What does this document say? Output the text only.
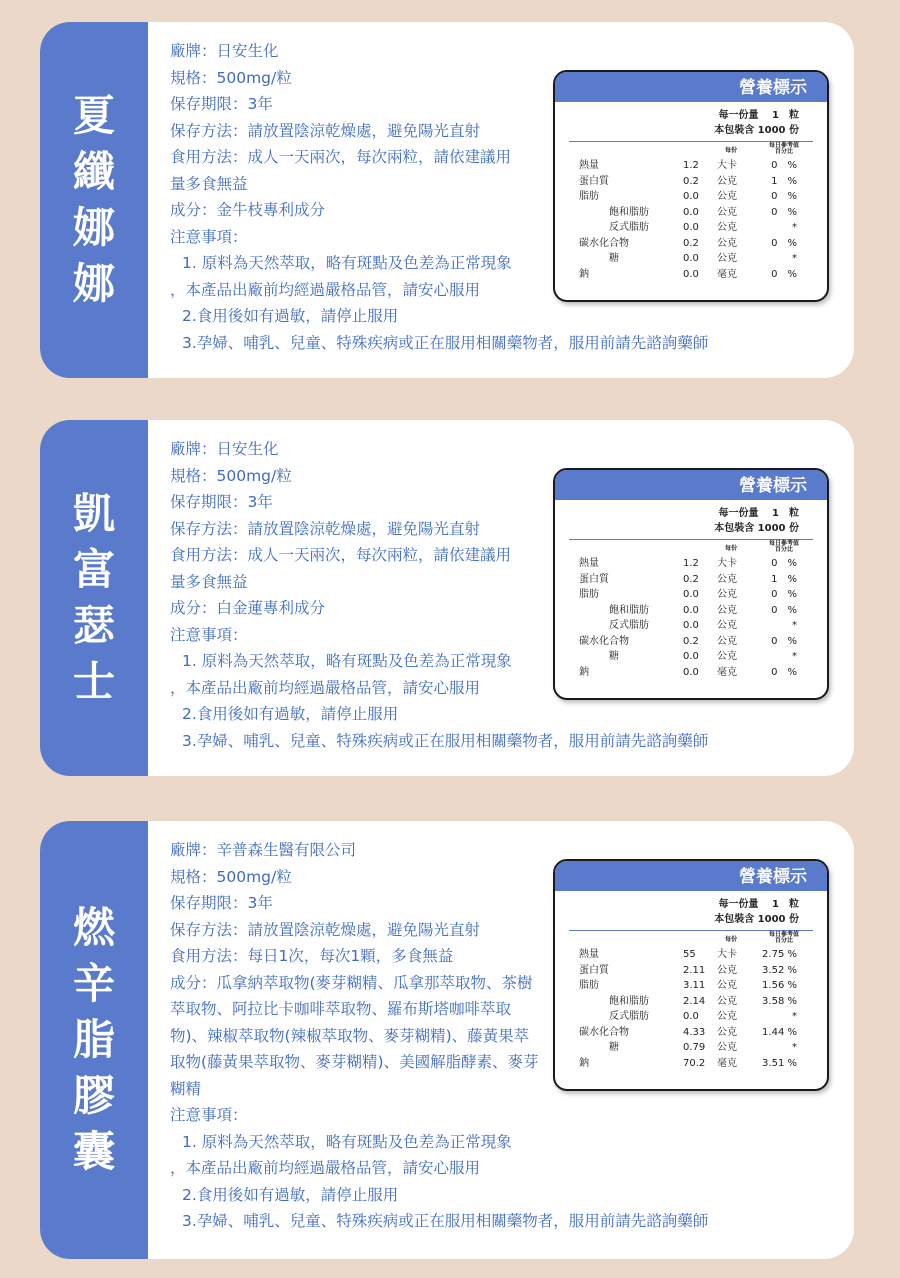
夏纖娜娜
廠牌：日安生化
規格：500mg/粒
保存期限：3年
保存方法：請放置陰涼乾燥處，避免陽光直射
食用方法：成人一天兩次，每次兩粒，請依建議用
量多食無益
成分：金牛枝專利成分
注意事項：
1. 原料為天然萃取，略有斑點及色差為正常現象
，本產品出廠前均經過嚴格品管，請安心服用
2.食用後如有過敏，請停止服用
3.孕婦、哺乳、兒童、特殊疾病或正在服用相關藥物者，服用前請先諮詢藥師
營養標示
每一份量　 1　粒
本包裝含 1000 份
每份
每日參考值百分比
熱量	1.2	大卡	0　%
蛋白質	0.2	公克	1　%
脂肪	0.0	公克	0　%
飽和脂肪	0.0	公克	0　%
反式脂肪	0.0	公克	*
碳水化合物	0.2	公克	0　%
糖	0.0	公克	*
鈉	0.0	毫克	0　%
凱富瑟士
廠牌：日安生化
規格：500mg/粒
保存期限：3年
保存方法：請放置陰涼乾燥處，避免陽光直射
食用方法：成人一天兩次，每次兩粒，請依建議用
量多食無益
成分：白金蓮專利成分
注意事項：
1. 原料為天然萃取，略有斑點及色差為正常現象
，本產品出廠前均經過嚴格品管，請安心服用
2.食用後如有過敏，請停止服用
3.孕婦、哺乳、兒童、特殊疾病或正在服用相關藥物者，服用前請先諮詢藥師
營養標示
每一份量　 1　粒
本包裝含 1000 份
每份
每日參考值百分比
熱量	1.2	大卡	0　%
蛋白質	0.2	公克	1　%
脂肪	0.0	公克	0　%
飽和脂肪	0.0	公克	0　%
反式脂肪	0.0	公克	*
碳水化合物	0.2	公克	0　%
糖	0.0	公克	*
鈉	0.0	毫克	0　%
燃辛脂膠囊
廠牌：辛普森生醫有限公司
規格：500mg/粒
保存期限：3年
保存方法：請放置陰涼乾燥處，避免陽光直射
食用方法：每日1次，每次1顆，多食無益
成分：瓜拿納萃取物(麥芽糊精、瓜拿那萃取物、茶樹萃取物、阿拉比卡咖啡萃取物、羅布斯塔咖啡萃取物)、辣椒萃取物(辣椒萃取物、麥芽糊精)、藤黃果萃取物(藤黃果萃取物、麥芽糊精)、美國解脂酵素、麥芽糊精
注意事項：
1. 原料為天然萃取，略有斑點及色差為正常現象
，本產品出廠前均經過嚴格品管，請安心服用
2.食用後如有過敏，請停止服用
3.孕婦、哺乳、兒童、特殊疾病或正在服用相關藥物者，服用前請先諮詢藥師
營養標示
每一份量　 1　粒
本包裝含 1000 份
每份
每日參考值百分比
熱量	55	大卡	2.75 %
蛋白質	2.11	公克	3.52 %
脂肪	3.11	公克	1.56 %
飽和脂肪	2.14	公克	3.58 %
反式脂肪	0.0	公克	*
碳水化合物	4.33	公克	1.44 %
糖	0.79	公克	*
鈉	70.2	毫克	3.51 %
